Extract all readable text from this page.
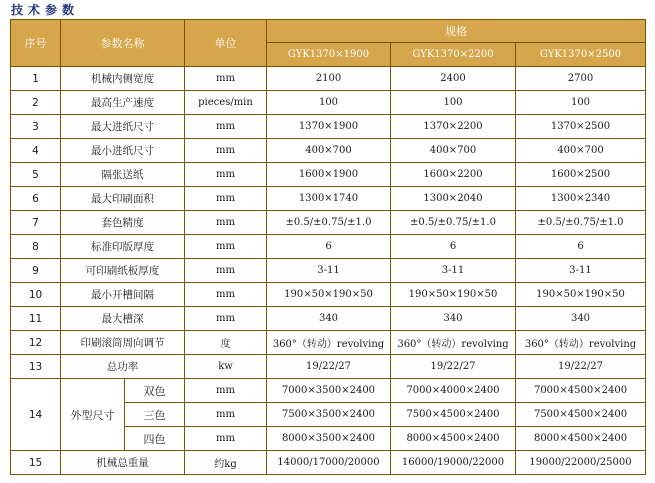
技术参数
序号	参数名称		单位	规格		
				GYK1370×1900	GYK1370×2200	GYK1370×2500
1	机械内侧宽度		mm	2100	2400	2700
2	最高生产速度		pieces/min	100	100	100
3	最大进纸尺寸		mm	1370×1900	1370×2200	1370×2500
4	最小进纸尺寸		mm	400×700	400×700	400×700
5	隔张送纸		mm	1600×1900	1600×2200	1600×2500
6	最大印刷面积		mm	1300×1740	1300×2040	1300×2340
7	套色精度		mm	±0.5/±0.75/±1.0	±0.5/±0.75/±1.0	±0.5/±0.75/±1.0
8	标准印版厚度		mm	6	6	6
9	可印刷纸板厚度		mm	3-11	3-11	3-11
10	最小开槽间隔		mm	190×50×190×50	190×50×190×50	190×50×190×50
11	最大槽深		mm	340	340	340
12	印刷滚筒周向调节		度	360°（转动）revolving	360°（转动）revolving	360°（转动）revolving
13	总功率		kw	19/22/27	19/22/27	19/22/27
14	外型尺寸	双色	mm	7000×3500×2400	7000×4000×2400	7000×4500×2400
		三色	mm	7500×3500×2400	7500×4500×2400	7500×4500×2400
		四色	mm	8000×3500×2400	8000×4500×2400	8000×4500×2400
15	机械总重量		约kg	14000/17000/20000	16000/19000/22000	19000/22000/25000
